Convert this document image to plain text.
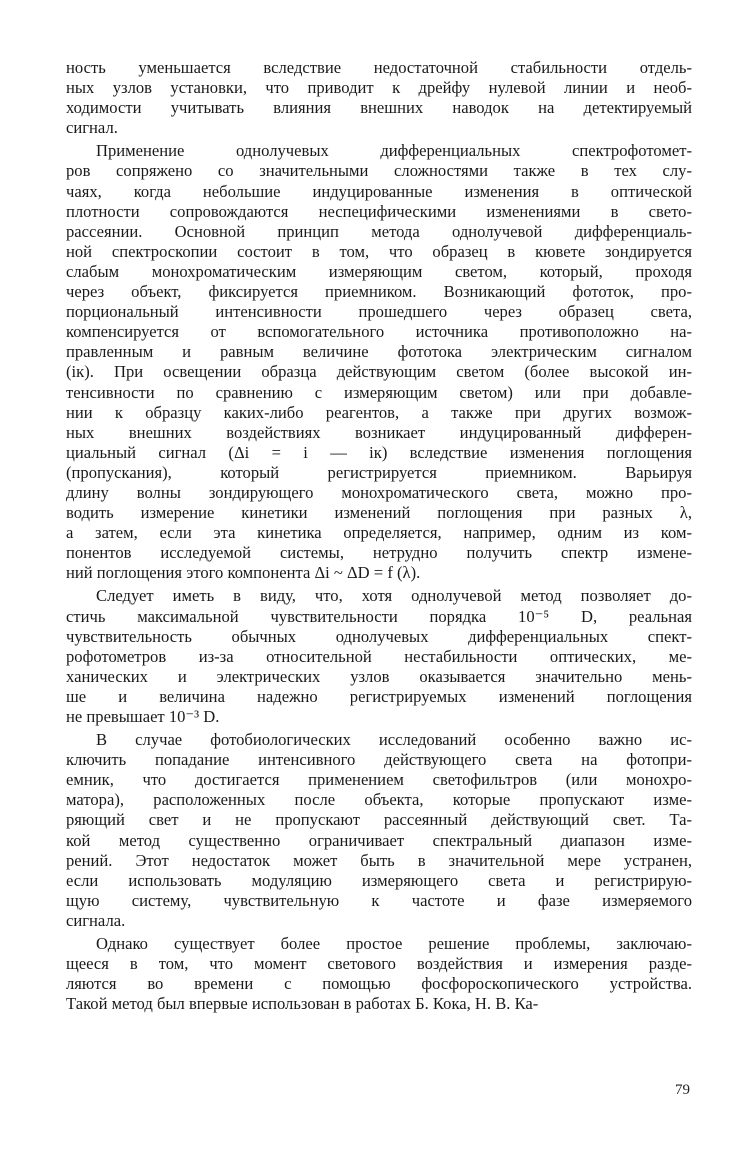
ность уменьшается вследствие недостаточной стабильности отдель-
ных узлов установки, что приводит к дрейфу нулевой линии и необ-
ходимости учитывать влияния внешних наводок на детектируемый
сигнал.
Применение однолучевых дифференциальных спектрофотомет-
ров сопряжено со значительными сложностями также в тех слу-
чаях, когда небольшие индуцированные изменения в оптической
плотности сопровождаются неспецифическими изменениями в свето-
рассеянии. Основной принцип метода однолучевой дифференциаль-
ной спектроскопии состоит в том, что образец в кювете зондируется
слабым монохроматическим измеряющим светом, который, проходя
через объект, фиксируется приемником. Возникающий фототок, про-
порциональный интенсивности прошедшего через образец света,
компенсируется от вспомогательного источника противоположно на-
правленным и равным величине фототока электрическим сигналом
(iк). При освещении образца действующим светом (более высокой ин-
тенсивности по сравнению с измеряющим светом) или при добавле-
нии к образцу каких-либо реагентов, а также при других возмож-
ных внешних воздействиях возникает индуцированный дифферен-
циальный сигнал (Δi = i — iк) вследствие изменения поглощения
(пропускания), который регистрируется приемником. Варьируя
длину волны зондирующего монохроматического света, можно про-
водить измерение кинетики изменений поглощения при разных λ,
а затем, если эта кинетика определяется, например, одним из ком-
понентов исследуемой системы, нетрудно получить спектр измене-
ний поглощения этого компонента Δi ~ ΔD = f (λ).
Следует иметь в виду, что, хотя однолучевой метод позволяет до-
стичь максимальной чувствительности порядка 10⁻⁵ D, реальная
чувствительность обычных однолучевых дифференциальных спект-
рофотометров из-за относительной нестабильности оптических, ме-
ханических и электрических узлов оказывается значительно мень-
ше и величина надежно регистрируемых изменений поглощения
не превышает 10⁻³ D.
В случае фотобиологических исследований особенно важно ис-
ключить попадание интенсивного действующего света на фотопри-
емник, что достигается применением светофильтров (или монохро-
матора), расположенных после объекта, которые пропускают изме-
ряющий свет и не пропускают рассеянный действующий свет. Та-
кой метод существенно ограничивает спектральный диапазон изме-
рений. Этот недостаток может быть в значительной мере устранен,
если использовать модуляцию измеряющего света и регистрирую-
щую систему, чувствительную к частоте и фазе измеряемого
сигнала.
Однако существует более простое решение проблемы, заключаю-
щееся в том, что момент светового воздействия и измерения разде-
ляются во времени с помощью фосфороскопического устройства.
Такой метод был впервые использован в работах Б. Кока, Н. В. Ка-
79
